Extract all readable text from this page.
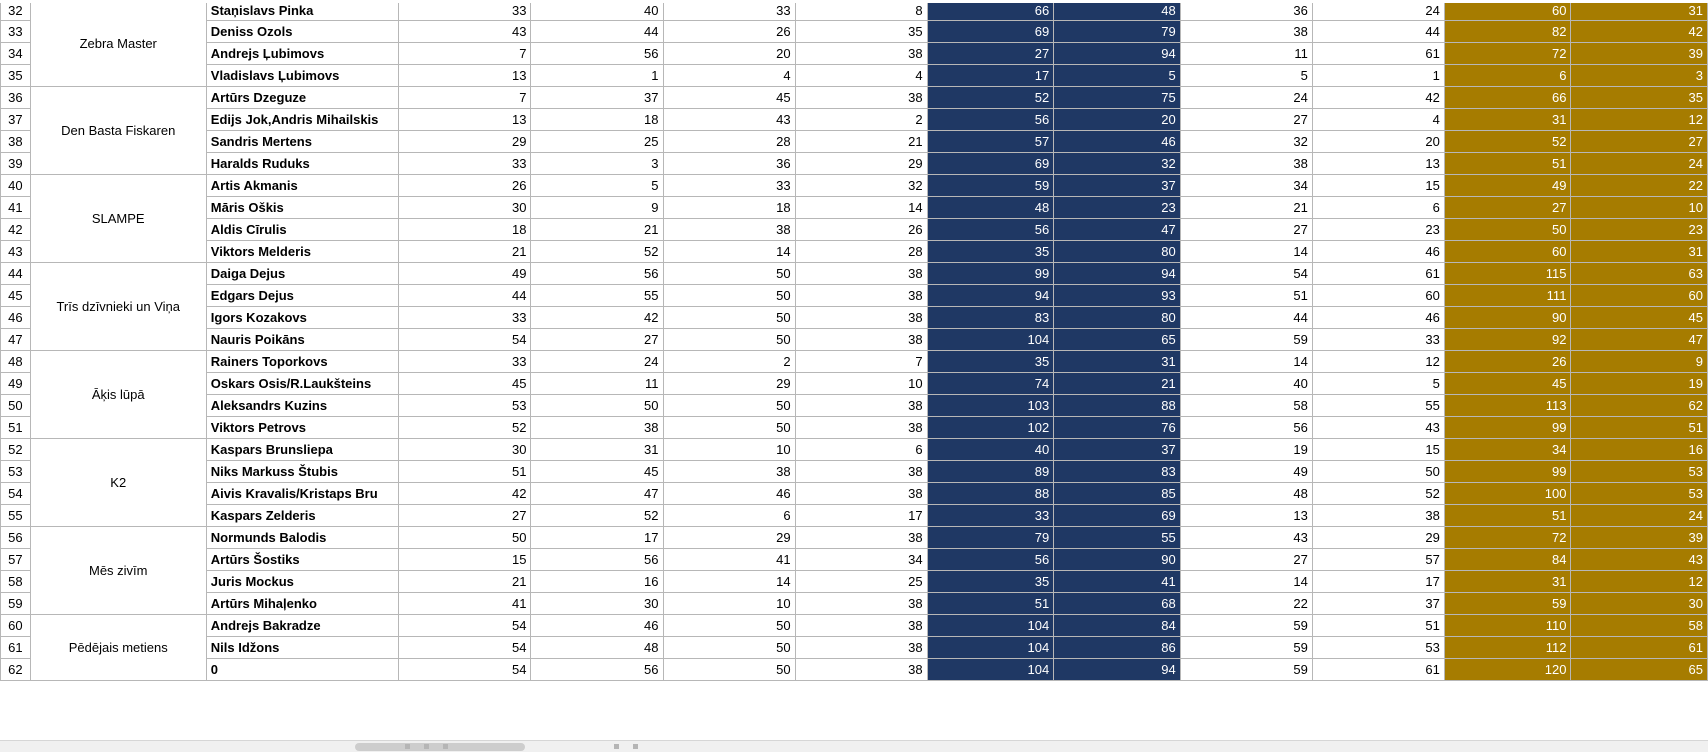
32	Zebra Master	Staņislavs Pinka	33	40	33	8	66	48	36	24	60	31
33		Deniss Ozols	43	44	26	35	69	79	38	44	82	42
34		Andrejs Ļubimovs	7	56	20	38	27	94	11	61	72	39
35		Vladislavs Ļubimovs	13	1	4	4	17	5	5	1	6	3
36	Den Basta Fiskaren	Artūrs Dzeguze	7	37	45	38	52	75	24	42	66	35
37		Edijs Jok,Andris Mihailskis	13	18	43	2	56	20	27	4	31	12
38		Sandris Mertens	29	25	28	21	57	46	32	20	52	27
39		Haralds Ruduks	33	3	36	29	69	32	38	13	51	24
40	SLAMPE	Artis Akmanis	26	5	33	32	59	37	34	15	49	22
41		Māris Oškis	30	9	18	14	48	23	21	6	27	10
42		Aldis Cīrulis	18	21	38	26	56	47	27	23	50	23
43		Viktors Melderis	21	52	14	28	35	80	14	46	60	31
44	Trīs dzīvnieki un Viņa	Daiga Dejus	49	56	50	38	99	94	54	61	115	63
45		Edgars Dejus	44	55	50	38	94	93	51	60	111	60
46		Igors Kozakovs	33	42	50	38	83	80	44	46	90	45
47		Nauris Poikāns	54	27	50	38	104	65	59	33	92	47
48	Āķis lūpā	Rainers Toporkovs	33	24	2	7	35	31	14	12	26	9
49		Oskars Osis/R.Laukšteins	45	11	29	10	74	21	40	5	45	19
50		Aleksandrs Kuzins	53	50	50	38	103	88	58	55	113	62
51		Viktors Petrovs	52	38	50	38	102	76	56	43	99	51
52	K2	Kaspars Brunsliepa	30	31	10	6	40	37	19	15	34	16
53		Niks Markuss Štubis	51	45	38	38	89	83	49	50	99	53
54		Aivis Kravalis/Kristaps Bru	42	47	46	38	88	85	48	52	100	53
55		Kaspars Zelderis	27	52	6	17	33	69	13	38	51	24
56	Mēs zivīm	Normunds Balodis	50	17	29	38	79	55	43	29	72	39
57		Artūrs Šostiks	15	56	41	34	56	90	27	57	84	43
58		Juris Mockus	21	16	14	25	35	41	14	17	31	12
59		Artūrs Mihaļenko	41	30	10	38	51	68	22	37	59	30
60	Pēdējais metiens	Andrejs Bakradze	54	46	50	38	104	84	59	51	110	58
61		Nils Idžons	54	48	50	38	104	86	59	53	112	61
62		0	54	56	50	38	104	94	59	61	120	65
